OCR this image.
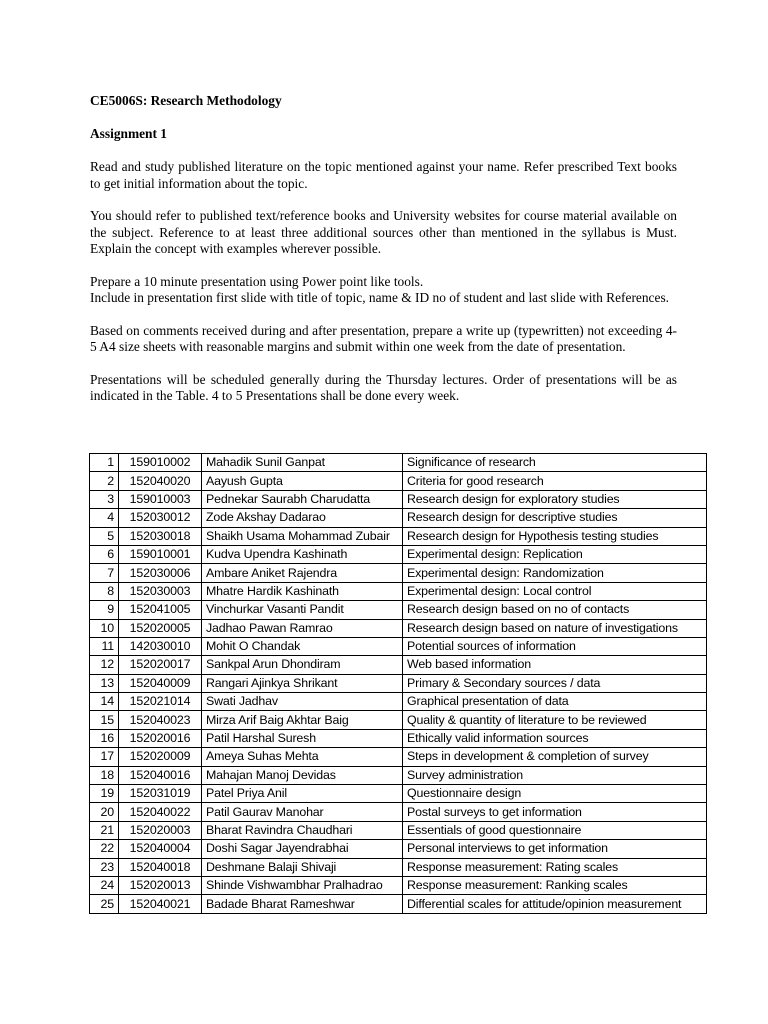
CE5006S: Research Methodology

Assignment 1

Read and study published literature on the topic mentioned against your name. Refer prescribed Text books to get initial information about the topic.

You should refer to published text/reference books and University websites for course material available on the subject. Reference to at least three additional sources other than mentioned in the syllabus is Must. Explain the concept with examples wherever possible.

Prepare a 10 minute presentation using Power point like tools.

Include in presentation first slide with title of topic, name & ID no of student and last slide with References.

Based on comments received during and after presentation, prepare a write up (typewritten) not exceeding 4-5 A4 size sheets with reasonable margins and submit within one week from the date of presentation.

Presentations will be scheduled generally during the Thursday lectures. Order of presentations will be as indicated in the Table. 4 to 5 Presentations shall be done every week.

1	159010002	Mahadik Sunil Ganpat	Significance of research
2	152040020	Aayush Gupta	Criteria for good research
3	159010003	Pednekar Saurabh Charudatta	Research design for exploratory studies
4	152030012	Zode Akshay Dadarao	Research design for descriptive studies
5	152030018	Shaikh Usama Mohammad Zubair	Research design for Hypothesis testing studies
6	159010001	Kudva Upendra Kashinath	Experimental design: Replication
7	152030006	Ambare Aniket Rajendra	Experimental design: Randomization
8	152030003	Mhatre Hardik Kashinath	Experimental design: Local control
9	152041005	Vinchurkar Vasanti Pandit	Research design based on no of contacts
10	152020005	Jadhao Pawan Ramrao	Research design based on nature of investigations
11	142030010	Mohit O Chandak	Potential sources of information
12	152020017	Sankpal Arun Dhondiram	Web based information
13	152040009	Rangari Ajinkya Shrikant	Primary & Secondary sources / data
14	152021014	Swati Jadhav	Graphical presentation of data
15	152040023	Mirza Arif Baig Akhtar Baig	Quality & quantity of literature to be reviewed
16	152020016	Patil Harshal Suresh	Ethically valid information sources
17	152020009	Ameya Suhas Mehta	Steps in development & completion of survey
18	152040016	Mahajan Manoj Devidas	Survey administration
19	152031019	Patel Priya Anil	Questionnaire design
20	152040022	Patil Gaurav Manohar	Postal surveys to get information
21	152020003	Bharat Ravindra Chaudhari	Essentials of good questionnaire
22	152040004	Doshi Sagar Jayendrabhai	Personal interviews to get information
23	152040018	Deshmane Balaji Shivaji	Response measurement: Rating scales
24	152020013	Shinde Vishwambhar Pralhadrao	Response measurement: Ranking scales
25	152040021	Badade Bharat Rameshwar	Differential scales for attitude/opinion measurement
